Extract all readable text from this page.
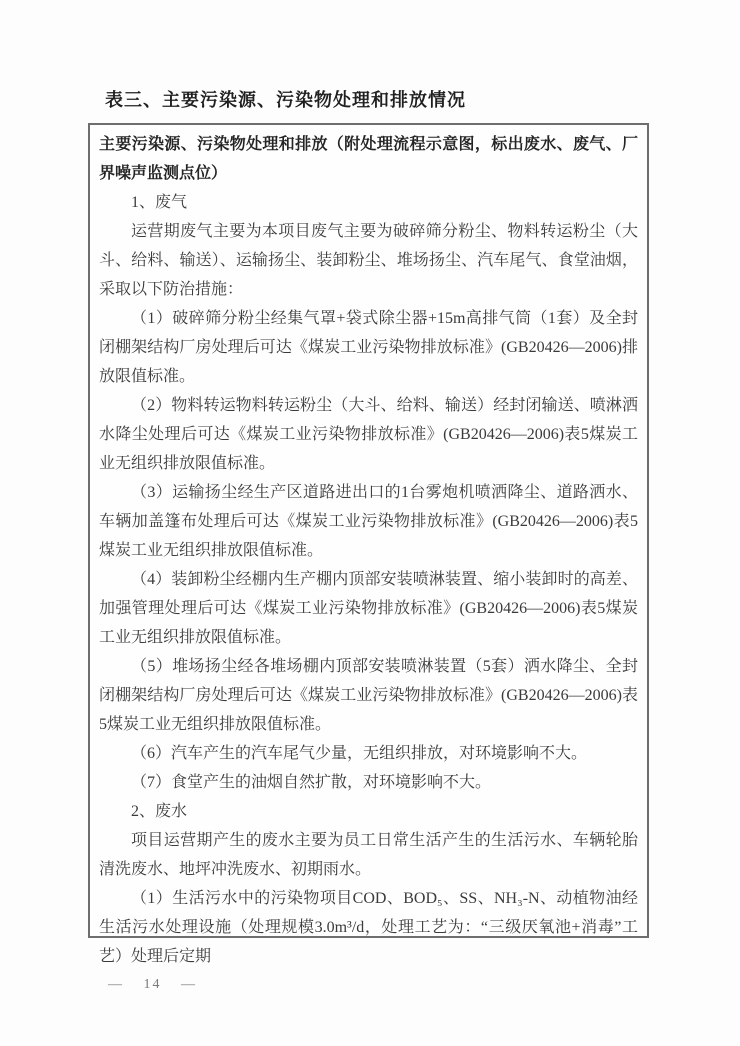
表三、主要污染源、污染物处理和排放情况

主要污染源、污染物处理和排放（附处理流程示意图，标出废水、废气、厂界噪声监测点位）

1、废气

运营期废气主要为本项目废气主要为破碎筛分粉尘、物料转运粉尘（大斗、给料、输送）、运输扬尘、装卸粉尘、堆场扬尘、汽车尾气、食堂油烟，采取以下防治措施：

（1）破碎筛分粉尘经集气罩+袋式除尘器+15m高排气筒（1套）及全封闭棚架结构厂房处理后可达《煤炭工业污染物排放标准》(GB20426—2006)排放限值标准。

（2）物料转运物料转运粉尘（大斗、给料、输送）经封闭输送、喷淋洒水降尘处理后可达《煤炭工业污染物排放标准》(GB20426—2006)表5煤炭工业无组织排放限值标准。

（3）运输扬尘经生产区道路进出口的1台雾炮机喷洒降尘、道路洒水、车辆加盖篷布处理后可达《煤炭工业污染物排放标准》(GB20426—2006)表5煤炭工业无组织排放限值标准。

（4）装卸粉尘经棚内生产棚内顶部安装喷淋装置、缩小装卸时的高差、加强管理处理后可达《煤炭工业污染物排放标准》(GB20426—2006)表5煤炭工业无组织排放限值标准。

（5）堆场扬尘经各堆场棚内顶部安装喷淋装置（5套）洒水降尘、全封闭棚架结构厂房处理后可达《煤炭工业污染物排放标准》(GB20426—2006)表5煤炭工业无组织排放限值标准。

（6）汽车产生的汽车尾气少量，无组织排放，对环境影响不大。

（7）食堂产生的油烟自然扩散，对环境影响不大。

2、废水

项目运营期产生的废水主要为员工日常生活产生的生活污水、车辆轮胎清洗废水、地坪冲洗废水、初期雨水。

（1）生活污水中的污染物项目COD、BOD₅、SS、NH₃-N、动植物油经生活污水处理设施（处理规模3.0m³/d，处理工艺为：“三级厌氧池+消毒”工艺）处理后定期

— 14 —
